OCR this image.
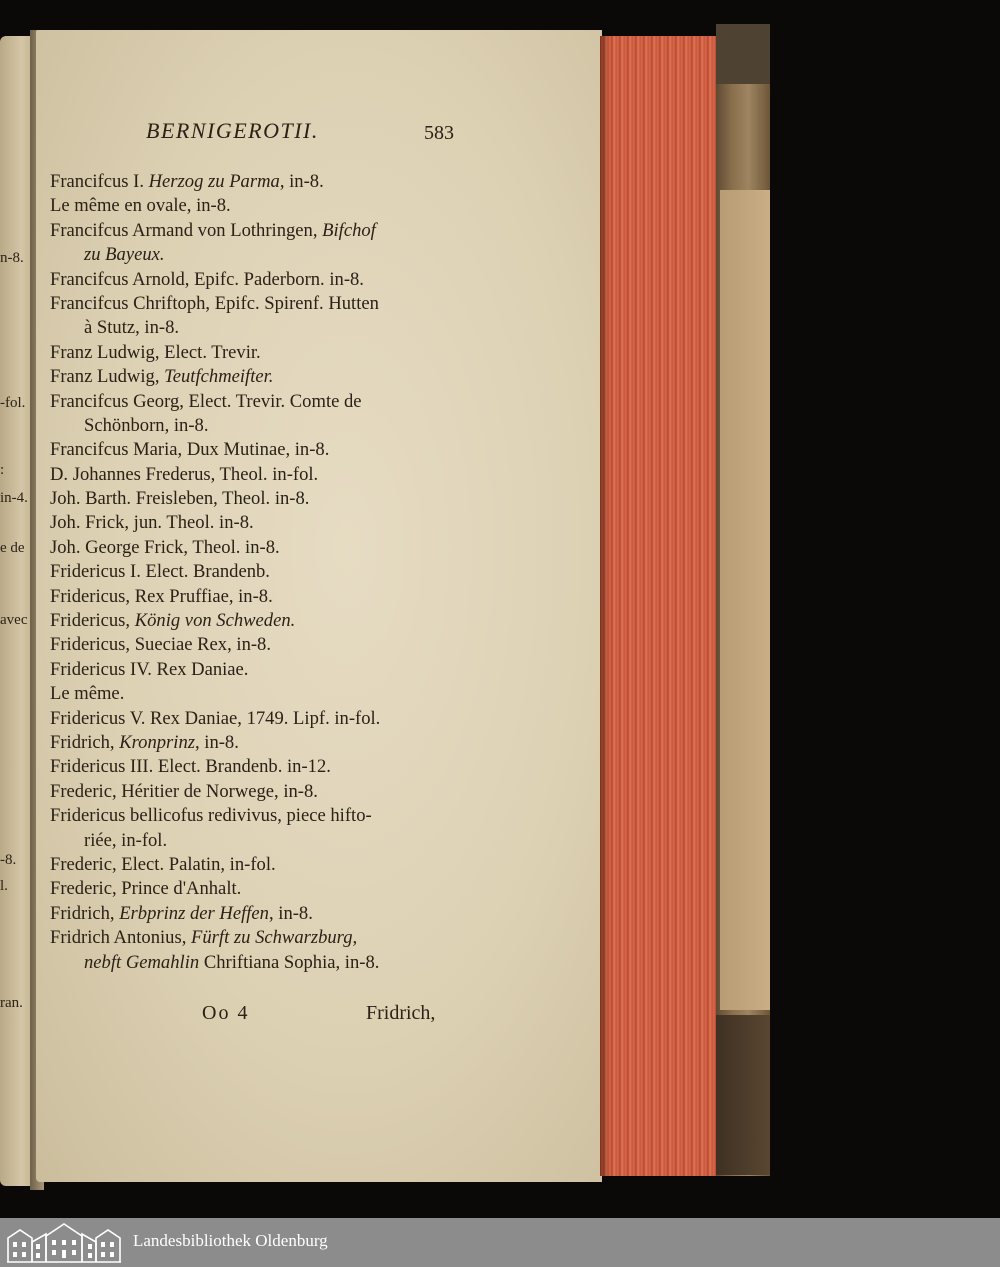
n-8.
-fol.
:
in-4.
e de
avec
-8.
l.
ran.
BERNIGEROTII.	583
Francifcus I. Herzog zu Parma, in-8.
Le même en ovale, in-8.
Francifcus Armand von Lothringen, Bifchof
zu Bayeux.
Francifcus Arnold, Epifc. Paderborn. in-8.
Francifcus Chriftoph, Epifc. Spirenf. Hutten
à Stutz, in-8.
Franz Ludwig, Elect. Trevir.
Franz Ludwig, Teutfchmeifter.
Francifcus Georg, Elect. Trevir. Comte de
Schönborn, in-8.
Francifcus Maria, Dux Mutinae, in-8.
D. Johannes Frederus, Theol. in-fol.
Joh. Barth. Freisleben, Theol. in-8.
Joh. Frick, jun. Theol. in-8.
Joh. George Frick, Theol. in-8.
Fridericus I. Elect. Brandenb.
Fridericus, Rex Pruffiae, in-8.
Fridericus, König von Schweden.
Fridericus, Sueciae Rex, in-8.
Fridericus IV. Rex Daniae.
Le même.
Fridericus V. Rex Daniae, 1749. Lipf. in-fol.
Fridrich, Kronprinz, in-8.
Fridericus III. Elect. Brandenb. in-12.
Frederic, Héritier de Norwege, in-8.
Fridericus bellicofus redivivus, piece hifto-
riée, in-fol.
Frederic, Elect. Palatin, in-fol.
Frederic, Prince d'Anhalt.
Fridrich, Erbprinz der Heffen, in-8.
Fridrich Antonius, Fürft zu Schwarzburg,
nebft Gemahlin Chriftiana Sophia, in-8.
Oo 4	Fridrich,
Landesbibliothek Oldenburg
